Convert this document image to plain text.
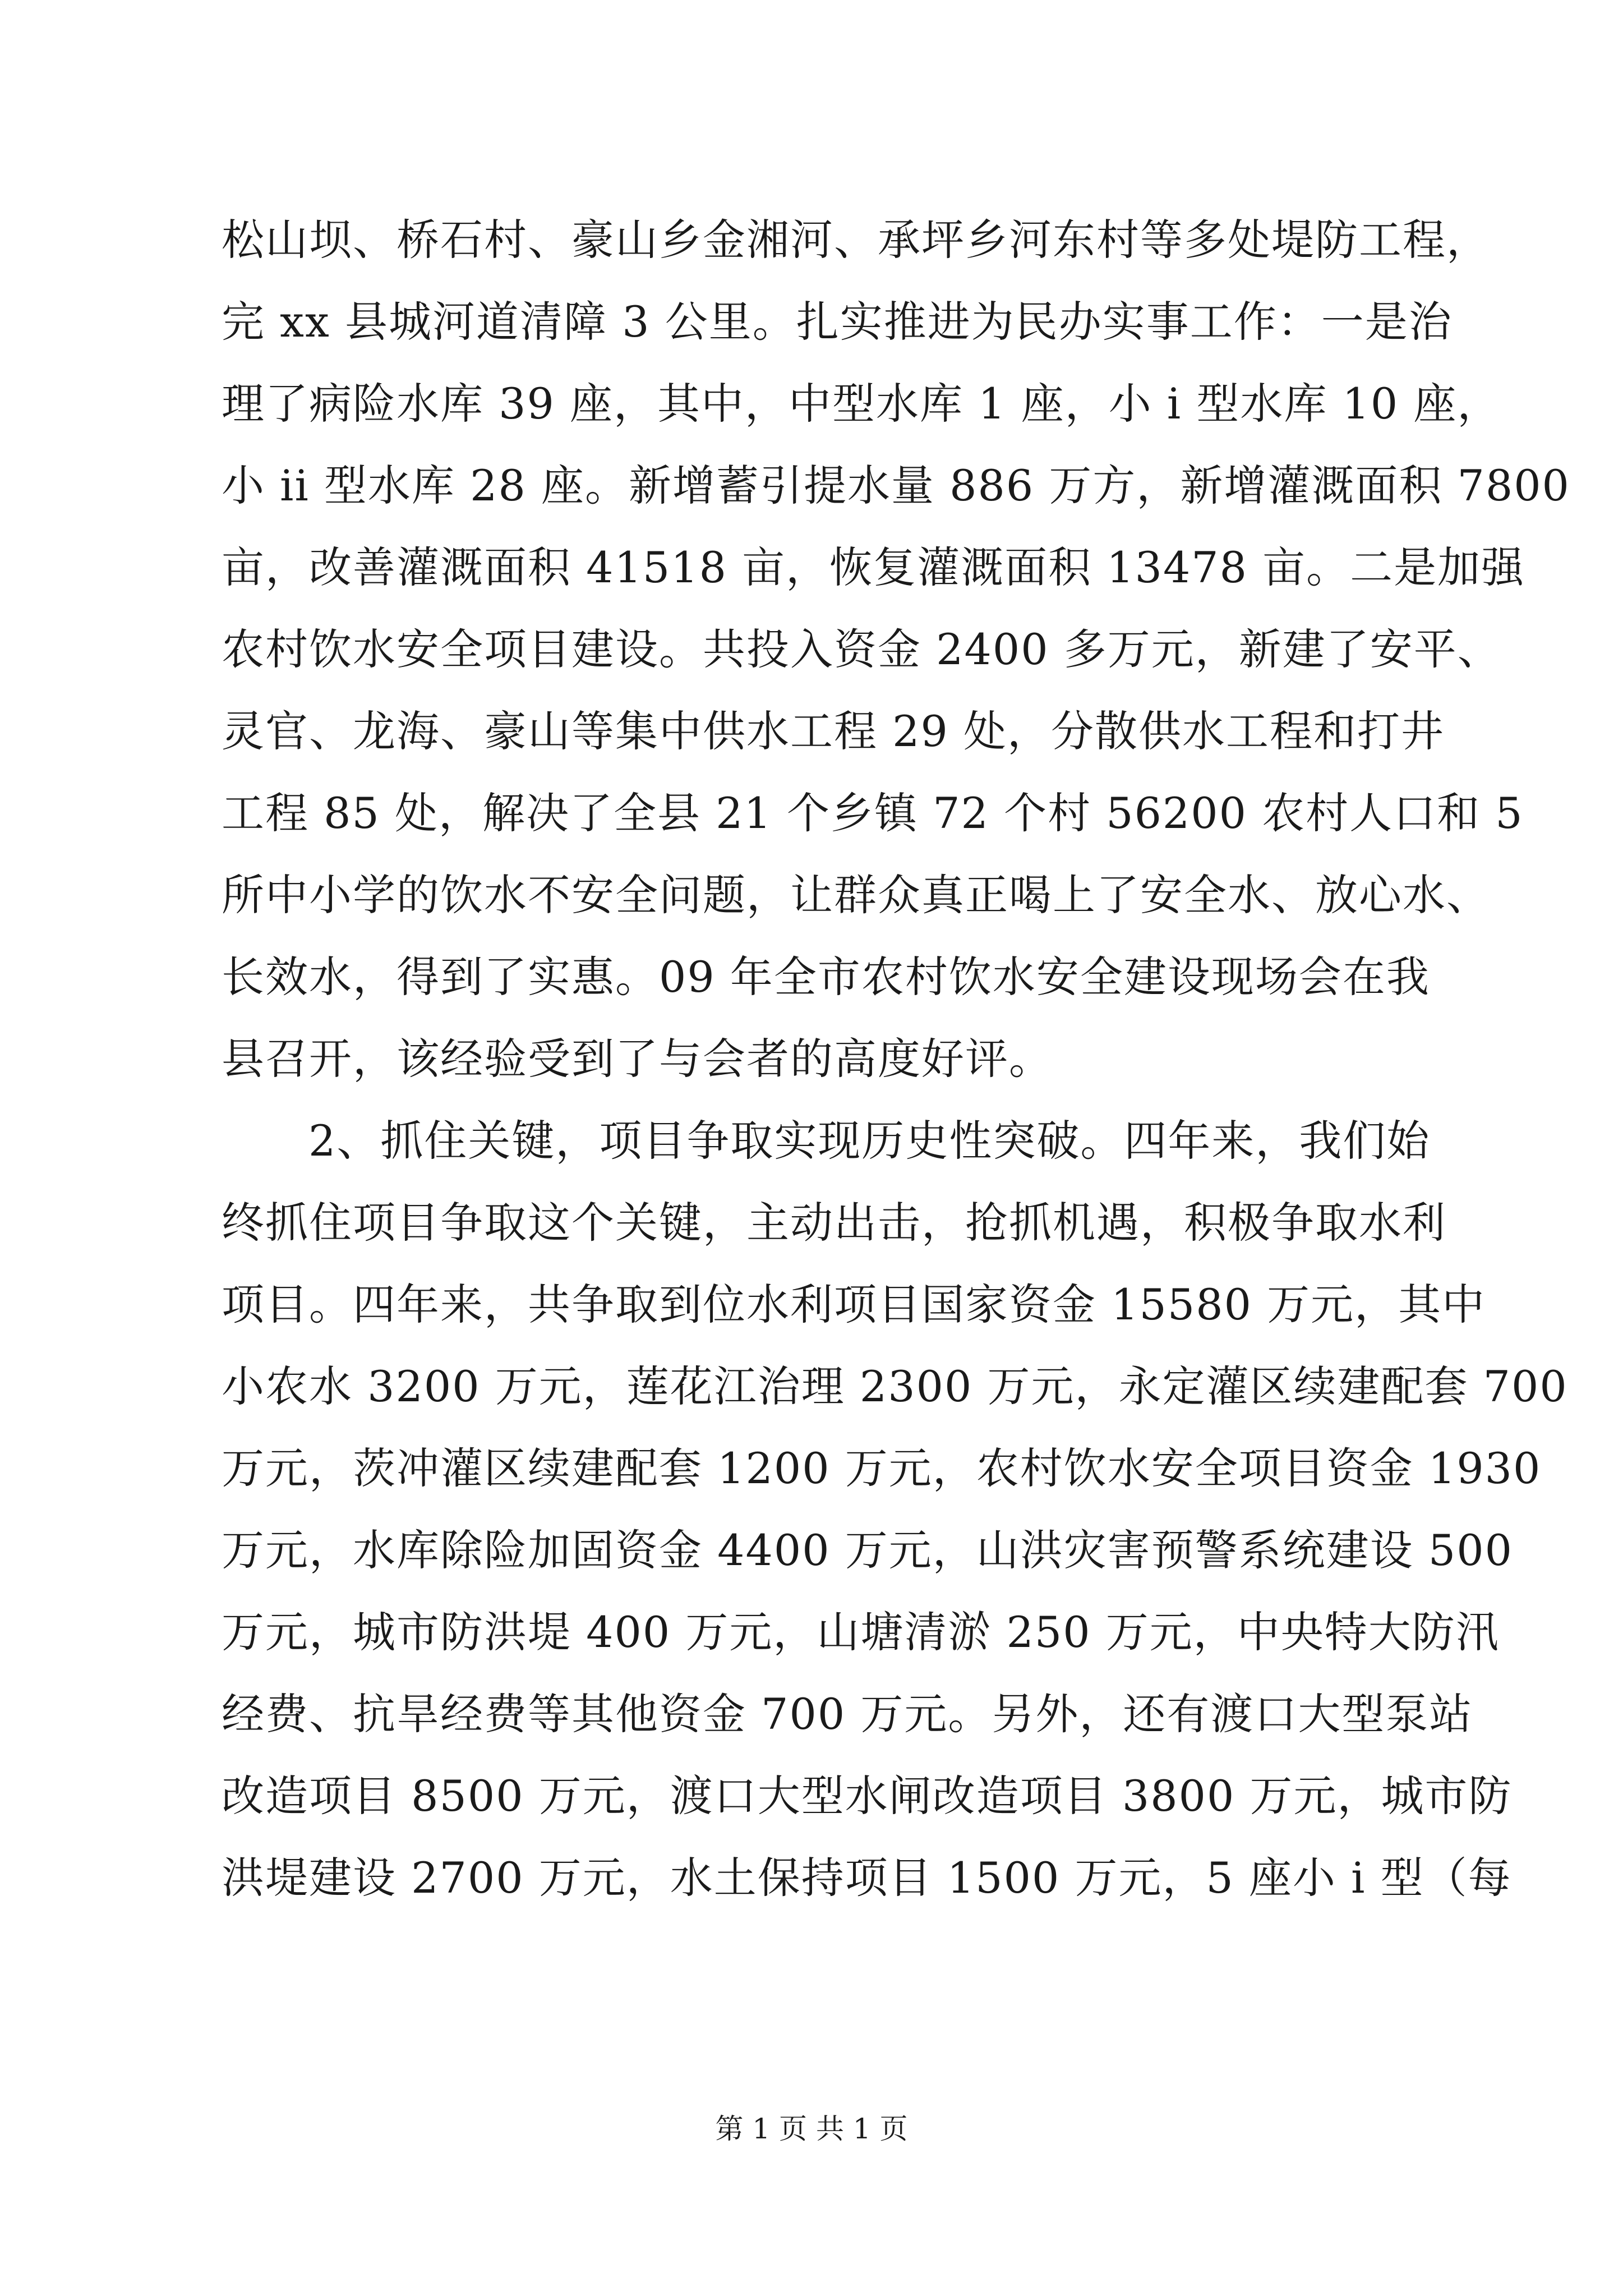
松山坝、桥石村、豪山乡金湘河、承坪乡河东村等多处堤防工程，
完 xx 县城河道清障 3 公里。扎实推进为民办实事工作：一是治
理了病险水库 39 座，其中，中型水库 1 座，小 i 型水库 10 座，
小 ii 型水库 28 座。新增蓄引提水量 886 万方，新增灌溉面积 7800
亩，改善灌溉面积 41518 亩，恢复灌溉面积 13478 亩。二是加强
农村饮水安全项目建设。共投入资金 2400 多万元，新建了安平、
灵官、龙海、豪山等集中供水工程 29 处，分散供水工程和打井
工程 85 处，解决了全县 21 个乡镇 72 个村 56200 农村人口和 5
所中小学的饮水不安全问题，让群众真正喝上了安全水、放心水、
长效水，得到了实惠。09 年全市农村饮水安全建设现场会在我
县召开，该经验受到了与会者的高度好评。
2、抓住关键，项目争取实现历史性突破。四年来，我们始
终抓住项目争取这个关键，主动出击，抢抓机遇，积极争取水利
项目。四年来，共争取到位水利项目国家资金 15580 万元，其中
小农水 3200 万元，莲花江治理 2300 万元，永定灌区续建配套 700
万元，茨冲灌区续建配套 1200 万元，农村饮水安全项目资金 1930
万元，水库除险加固资金 4400 万元，山洪灾害预警系统建设 500
万元，城市防洪堤 400 万元，山塘清淤 250 万元，中央特大防汛
经费、抗旱经费等其他资金 700 万元。另外，还有渡口大型泵站
改造项目 8500 万元，渡口大型水闸改造项目 3800 万元，城市防
洪堤建设 2700 万元，水土保持项目 1500 万元，5 座小 i 型（每
第 1 页 共 1 页
